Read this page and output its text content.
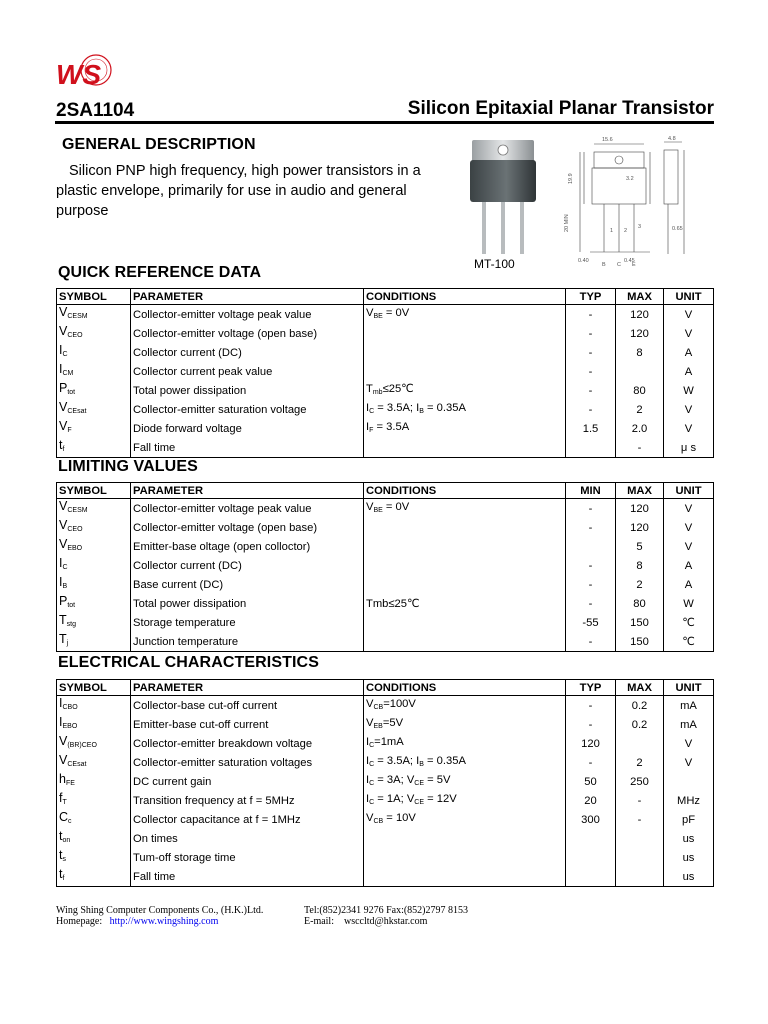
WS
2SA1104	Silicon Epitaxial Planar Transistor
GENERAL DESCRIPTION

Silicon PNP high frequency, high power transistors in a plastic envelope, primarily for use in audio and general purpose

MT-100
15.6	4.8
19.9
20 MIN
3.2
1 2
3
0.40	0.45
0.65
B C E
QUICK REFERENCE DATA
SYMBOL	PARAMETER	CONDITIONS	TYP	MAX	UNIT
$V_{CESM}$	Collector-emitter voltage peak value	$V_{BE} = 0V$	-	120	V
$V_{CEO}$	Collector-emitter voltage (open base)		-	120	V
$I_C$	Collector current (DC)		-	8	A
$I_{CM}$	Collector current peak value		-		A
$P_{tot}$	Total power dissipation	$T_{mb}\le 25℃$	-	80	W
$V_{CEsat}$	Collector-emitter saturation voltage	$I_C = 3.5A$; $I_B = 0.35A$	-	2	V
$V_F$	Diode forward voltage	$I_F = 3.5A$	1.5	2.0	V
$t_f$	Fall time			-	μ s
LIMITING VALUES
SYMBOL	PARAMETER	CONDITIONS	MIN	MAX	UNIT
$V_{CESM}$	Collector-emitter voltage peak value	$V_{BE} = 0V$	-	120	V
$V_{CEO}$	Collector-emitter voltage (open base)		-	120	V
$V_{EBO}$	Emitter-base oltage (open colloctor)			5	V
$I_C$	Collector current (DC)		-	8	A
$I_B$	Base current (DC)		-	2	A
$P_{tot}$	Total power dissipation	Tmb≤25℃	-	80	W
$T_{stg}$	Storage temperature		-55	150	℃
$T_j$	Junction temperature		-	150	℃
ELECTRICAL CHARACTERISTICS
SYMBOL	PARAMETER	CONDITIONS	TYP	MAX	UNIT
$I_{CBO}$	Collector-base cut-off current	$V_{CB}=100V$	-	0.2	mA
$I_{EBO}$	Emitter-base cut-off current	$V_{EB}=5V$	-	0.2	mA
$V_{(BR)CEO}$	Collector-emitter breakdown voltage	$I_C=1mA$	120		V
$V_{CEsat}$	Collector-emitter saturation voltages	$I_C = 3.5A$; $I_B = 0.35A$	-	2	V
$h_{FE}$	DC current gain	$I_C = 3A$; $V_{CE} = 5V$	50	250	
$f_T$	Transition frequency at f = 5MHz	$I_C = 1A$; $V_{CE} = 12V$	20	-	MHz
$C_c$	Collector capacitance at f = 1MHz	$V_{CB} = 10V$	300	-	pF
$t_{on}$	On times				us
$t_s$	Tum-off storage time				us
$t_f$	Fall time				us
Wing Shing Computer Components Co., (H.K.)Ltd.
Homepage: http://www.wingshing.com
Tel:(852)2341 9276 Fax:(852)2797 8153
E-mail: wsccltd@hkstar.com
